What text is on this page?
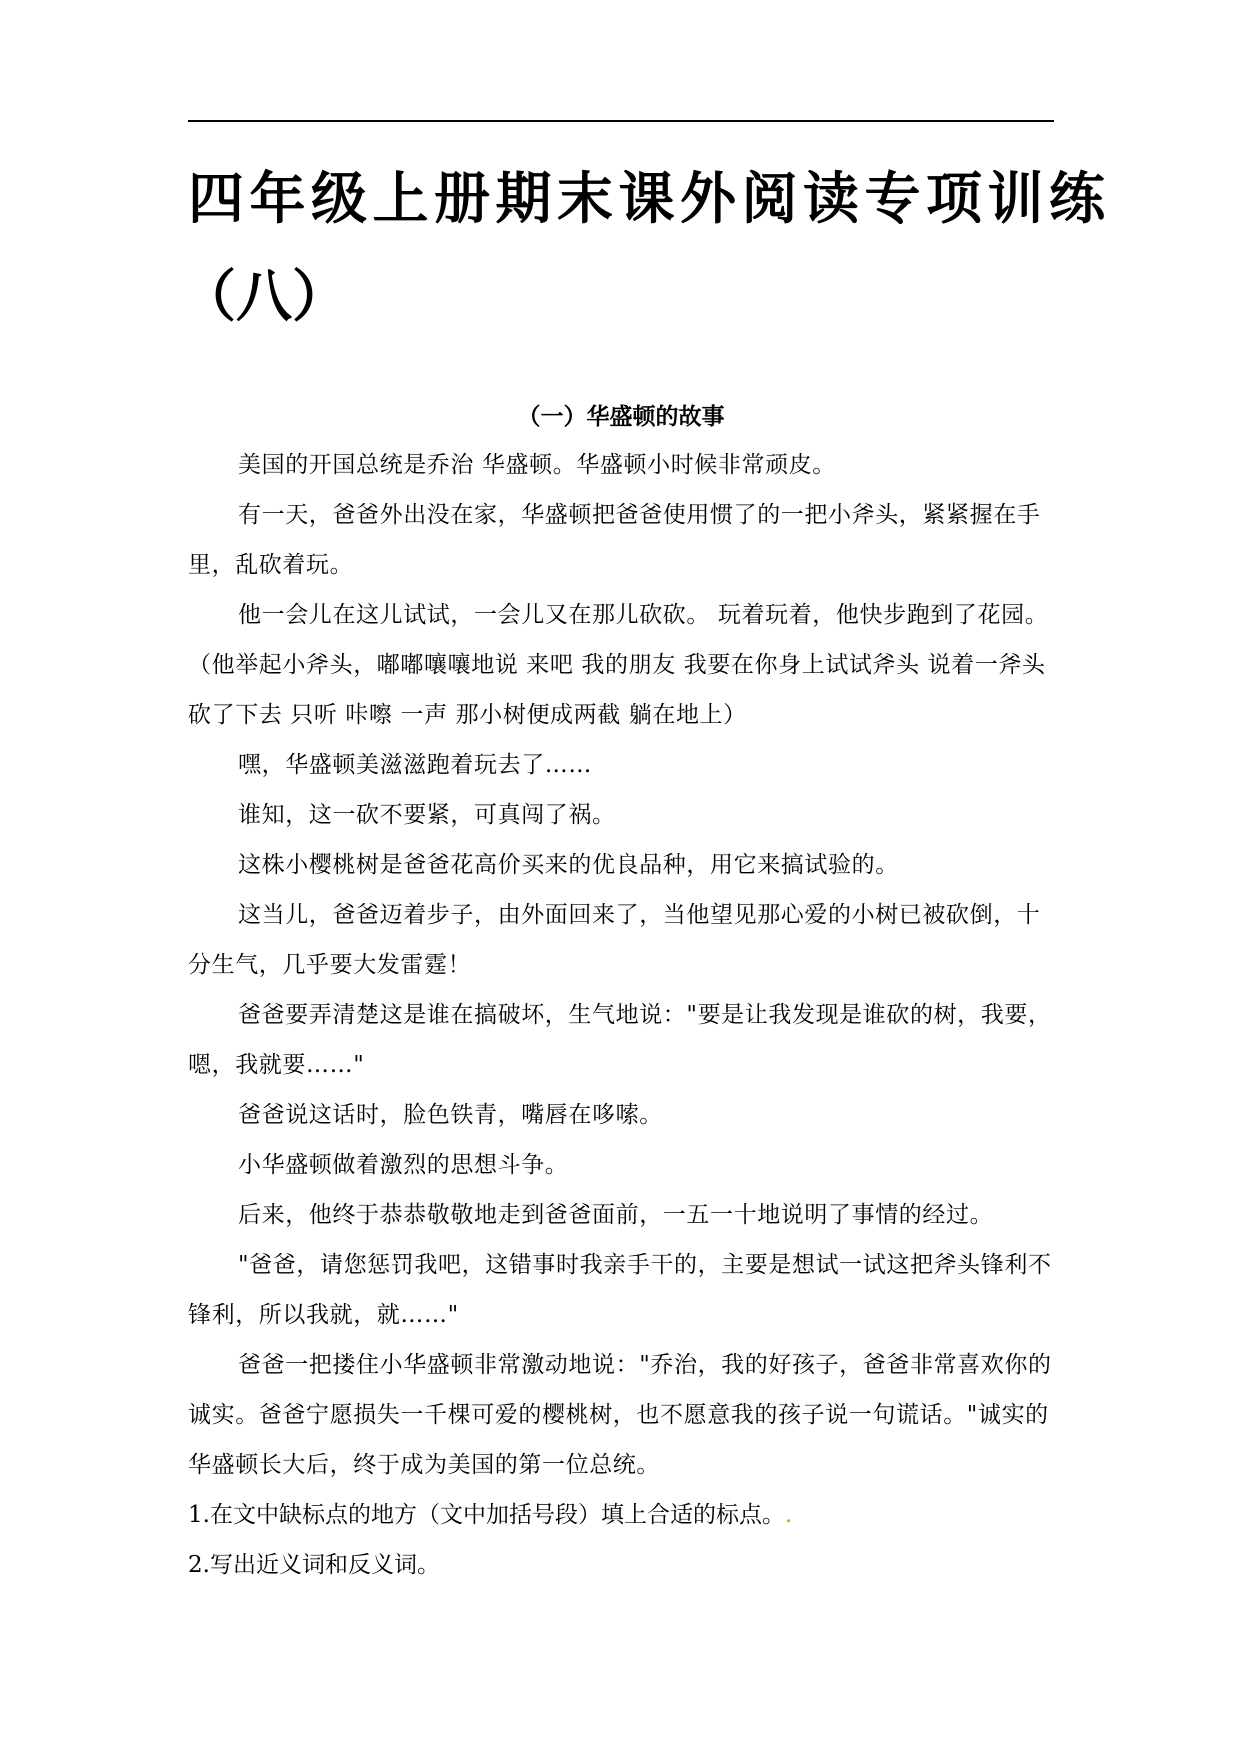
四年级上册期末课外阅读专项训练
（八）
（一）华盛顿的故事

美国的开国总统是乔治 华盛顿。华盛顿小时候非常顽皮。

有一天，爸爸外出没在家，华盛顿把爸爸使用惯了的一把小斧头，紧紧握在手里，乱砍着玩。

他一会儿在这儿试试，一会儿又在那儿砍砍。 玩着玩着，他快步跑到了花园。（他举起小斧头，嘟嘟嚷嚷地说 来吧 我的朋友 我要在你身上试试斧头 说着一斧头砍了下去 只听 咔嚓 一声 那小树便成两截 躺在地上）

嘿，华盛顿美滋滋跑着玩去了……

谁知，这一砍不要紧，可真闯了祸。

这株小樱桃树是爸爸花高价买来的优良品种，用它来搞试验的。

这当儿，爸爸迈着步子，由外面回来了，当他望见那心爱的小树已被砍倒，十分生气，几乎要大发雷霆！

爸爸要弄清楚这是谁在搞破坏，生气地说："要是让我发现是谁砍的树，我要，嗯，我就要……"

爸爸说这话时，脸色铁青，嘴唇在哆嗦。

小华盛顿做着激烈的思想斗争。

后来，他终于恭恭敬敬地走到爸爸面前，一五一十地说明了事情的经过。

"爸爸，请您惩罚我吧，这错事时我亲手干的，主要是想试一试这把斧头锋利不锋利，所以我就，就……"

爸爸一把搂住小华盛顿非常激动地说："乔治，我的好孩子，爸爸非常喜欢你的诚实。爸爸宁愿损失一千棵可爱的樱桃树，也不愿意我的孩子说一句谎话。"诚实的华盛顿长大后，终于成为美国的第一位总统。

1.在文中缺标点的地方（文中加括号段）填上合适的标点。.

2.写出近义词和反义词。
